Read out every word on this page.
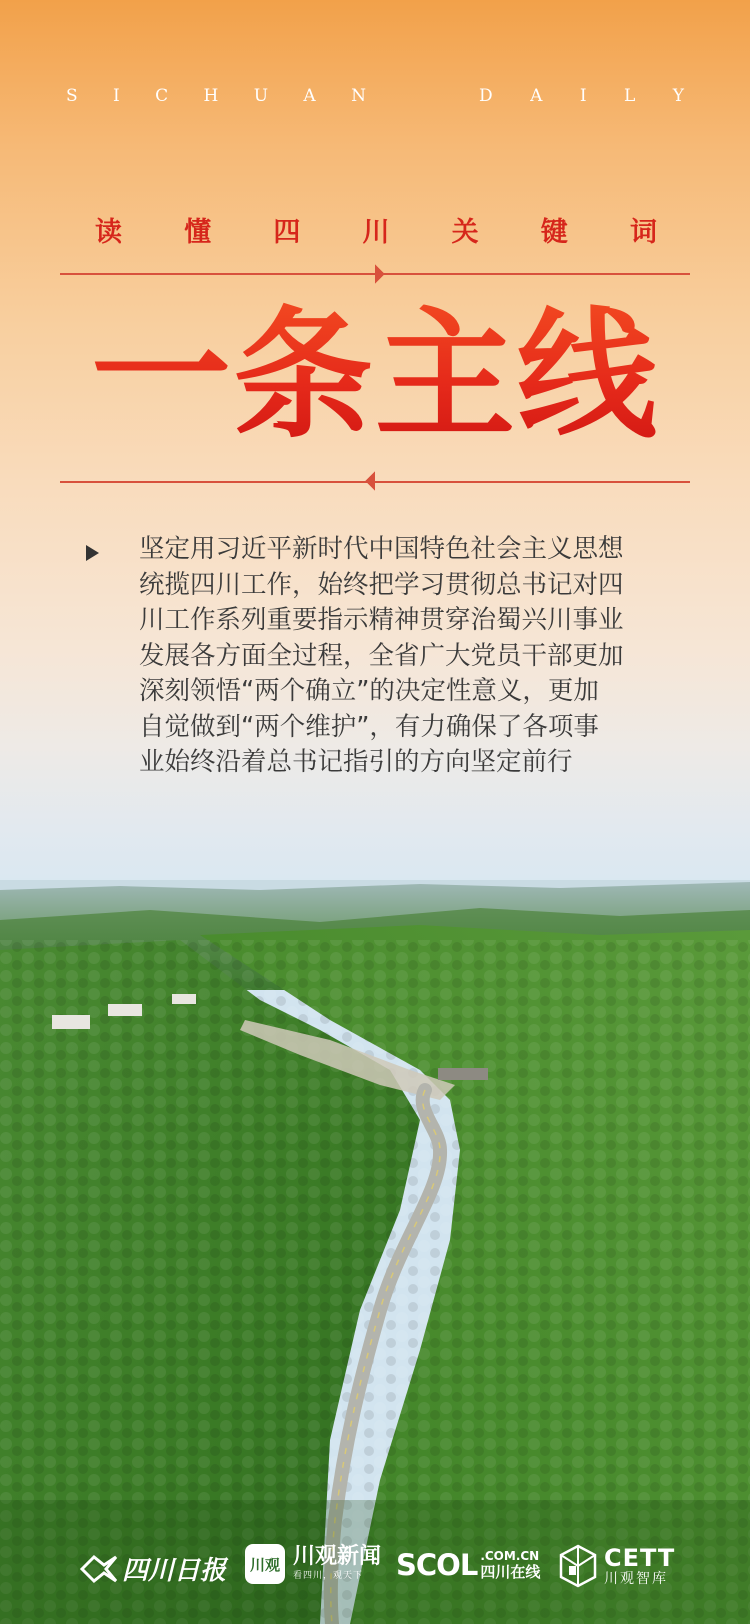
S I C H U A N	D A I L Y
读 懂 四 川 关 键 词
一条主线
坚定用习近平新时代中国特色社会主义思想
统揽四川工作，始终把学习贯彻总书记对四
川工作系列重要指示精神贯穿治蜀兴川事业
发展各方面全过程，全省广大党员干部更加
深刻领悟“两个确立”的决定性意义，更加
自觉做到“两个维护”，有力确保了各项事
业始终沿着总书记指引的方向坚定前行
四川日报	川观 川观新闻
看四川，观天下 SCOL .COM.CN
四川在线	CETT
川观智库
